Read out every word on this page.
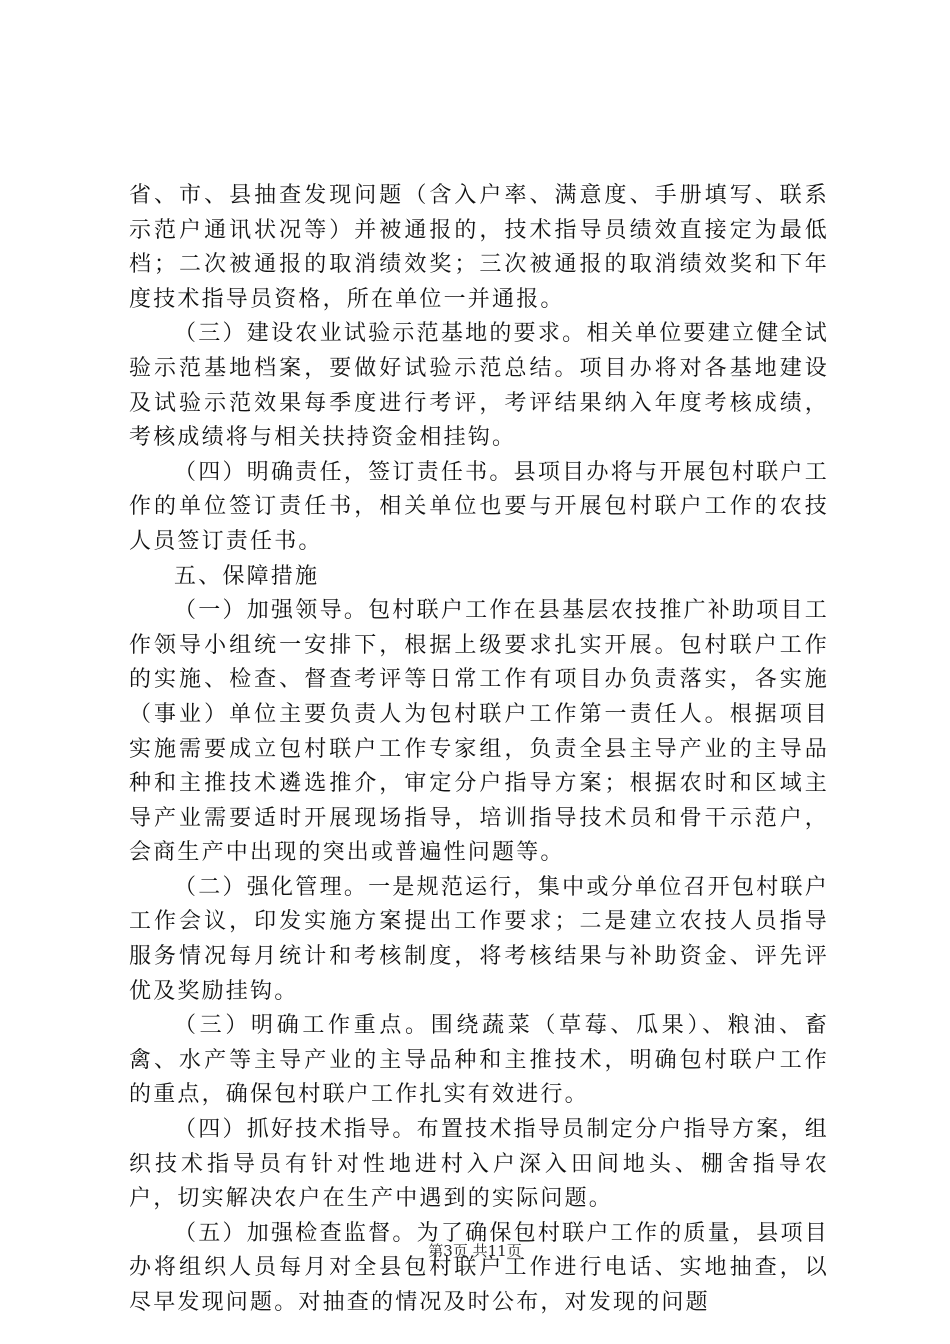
省、市、县抽查发现问题（含入户率、满意度、手册填写、联系示范户通讯状况等）并被通报的，技术指导员绩效直接定为最低档；二次被通报的取消绩效奖；三次被通报的取消绩效奖和下年度技术指导员资格，所在单位一并通报。

（三）建设农业试验示范基地的要求。相关单位要建立健全试验示范基地档案，要做好试验示范总结。项目办将对各基地建设及试验示范效果每季度进行考评，考评结果纳入年度考核成绩，考核成绩将与相关扶持资金相挂钩。

（四）明确责任，签订责任书。县项目办将与开展包村联户工作的单位签订责任书，相关单位也要与开展包村联户工作的农技人员签订责任书。

五、保障措施

（一）加强领导。包村联户工作在县基层农技推广补助项目工作领导小组统一安排下，根据上级要求扎实开展。包村联户工作的实施、检查、督查考评等日常工作有项目办负责落实，各实施（事业）单位主要负责人为包村联户工作第一责任人。根据项目实施需要成立包村联户工作专家组，负责全县主导产业的主导品种和主推技术遴选推介，审定分户指导方案；根据农时和区域主导产业需要适时开展现场指导，培训指导技术员和骨干示范户，会商生产中出现的突出或普遍性问题等。

（二）强化管理。一是规范运行，集中或分单位召开包村联户工作会议，印发实施方案提出工作要求；二是建立农技人员指导服务情况每月统计和考核制度，将考核结果与补助资金、评先评优及奖励挂钩。

（三）明确工作重点。围绕蔬菜（草莓、瓜果）、粮油、畜禽、水产等主导产业的主导品种和主推技术，明确包村联户工作的重点，确保包村联户工作扎实有效进行。

（四）抓好技术指导。布置技术指导员制定分户指导方案，组织技术指导员有针对性地进村入户深入田间地头、棚舍指导农户，切实解决农户在生产中遇到的实际问题。

（五）加强检查监督。为了确保包村联户工作的质量，县项目办将组织人员每月对全县包村联户工作进行电话、实地抽查，以尽早发现问题。对抽查的情况及时公布，对发现的问题

第3页 共11页
